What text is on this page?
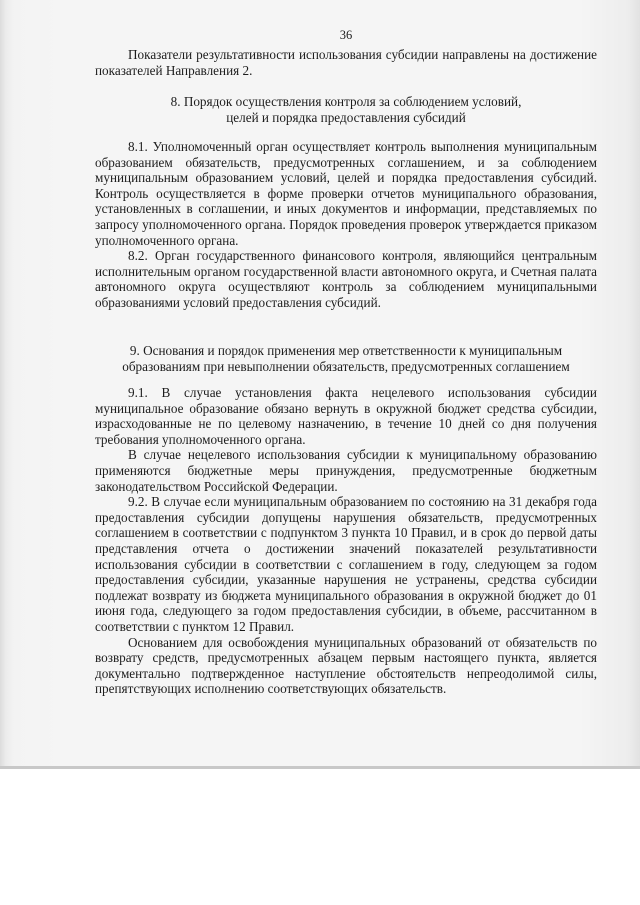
36

Показатели результативности использования субсидии направлены на достижение показателей Направления 2.

8. Порядок осуществления контроля за соблюдением условий,
целей и порядка предоставления субсидий

8.1. Уполномоченный орган осуществляет контроль выполнения муниципальным образованием обязательств, предусмотренных соглашением, и за соблюдением муниципальным образованием условий, целей и порядка предоставления субсидий. Контроль осуществляется в форме проверки отчетов муниципального образования, установленных в соглашении, и иных документов и информации, представляемых по запросу уполномоченного органа. Порядок проведения проверок утверждается приказом уполномоченного органа.

8.2. Орган государственного финансового контроля, являющийся центральным исполнительным органом государственной власти автономного округа, и Счетная палата автономного округа осуществляют контроль за соблюдением муниципальными образованиями условий предоставления субсидий.

9. Основания и порядок применения мер ответственности к муниципальным
образованиям при невыполнении обязательств, предусмотренных соглашением

9.1. В случае установления факта нецелевого использования субсидии муниципальное образование обязано вернуть в окружной бюджет средства субсидии, израсходованные не по целевому назначению, в течение 10 дней со дня получения требования уполномоченного органа.

В случае нецелевого использования субсидии к муниципальному образованию применяются бюджетные меры принуждения, предусмотренные бюджетным законодательством Российской Федерации.

9.2. В случае если муниципальным образованием по состоянию на 31 декабря года предоставления субсидии допущены нарушения обязательств, предусмотренных соглашением в соответствии с подпунктом 3 пункта 10 Правил, и в срок до первой даты представления отчета о достижении значений показателей результативности использования субсидии в соответствии с соглашением в году, следующем за годом предоставления субсидии, указанные нарушения не устранены, средства субсидии подлежат возврату из бюджета муниципального образования в окружной бюджет до 01 июня года, следующего за годом предоставления субсидии, в объеме, рассчитанном в соответствии с пунктом 12 Правил.

Основанием для освобождения муниципальных образований от обязательств по возврату средств, предусмотренных абзацем первым настоящего пункта, является документально подтвержденное наступление обстоятельств непреодолимой силы, препятствующих исполнению соответствующих обязательств.
